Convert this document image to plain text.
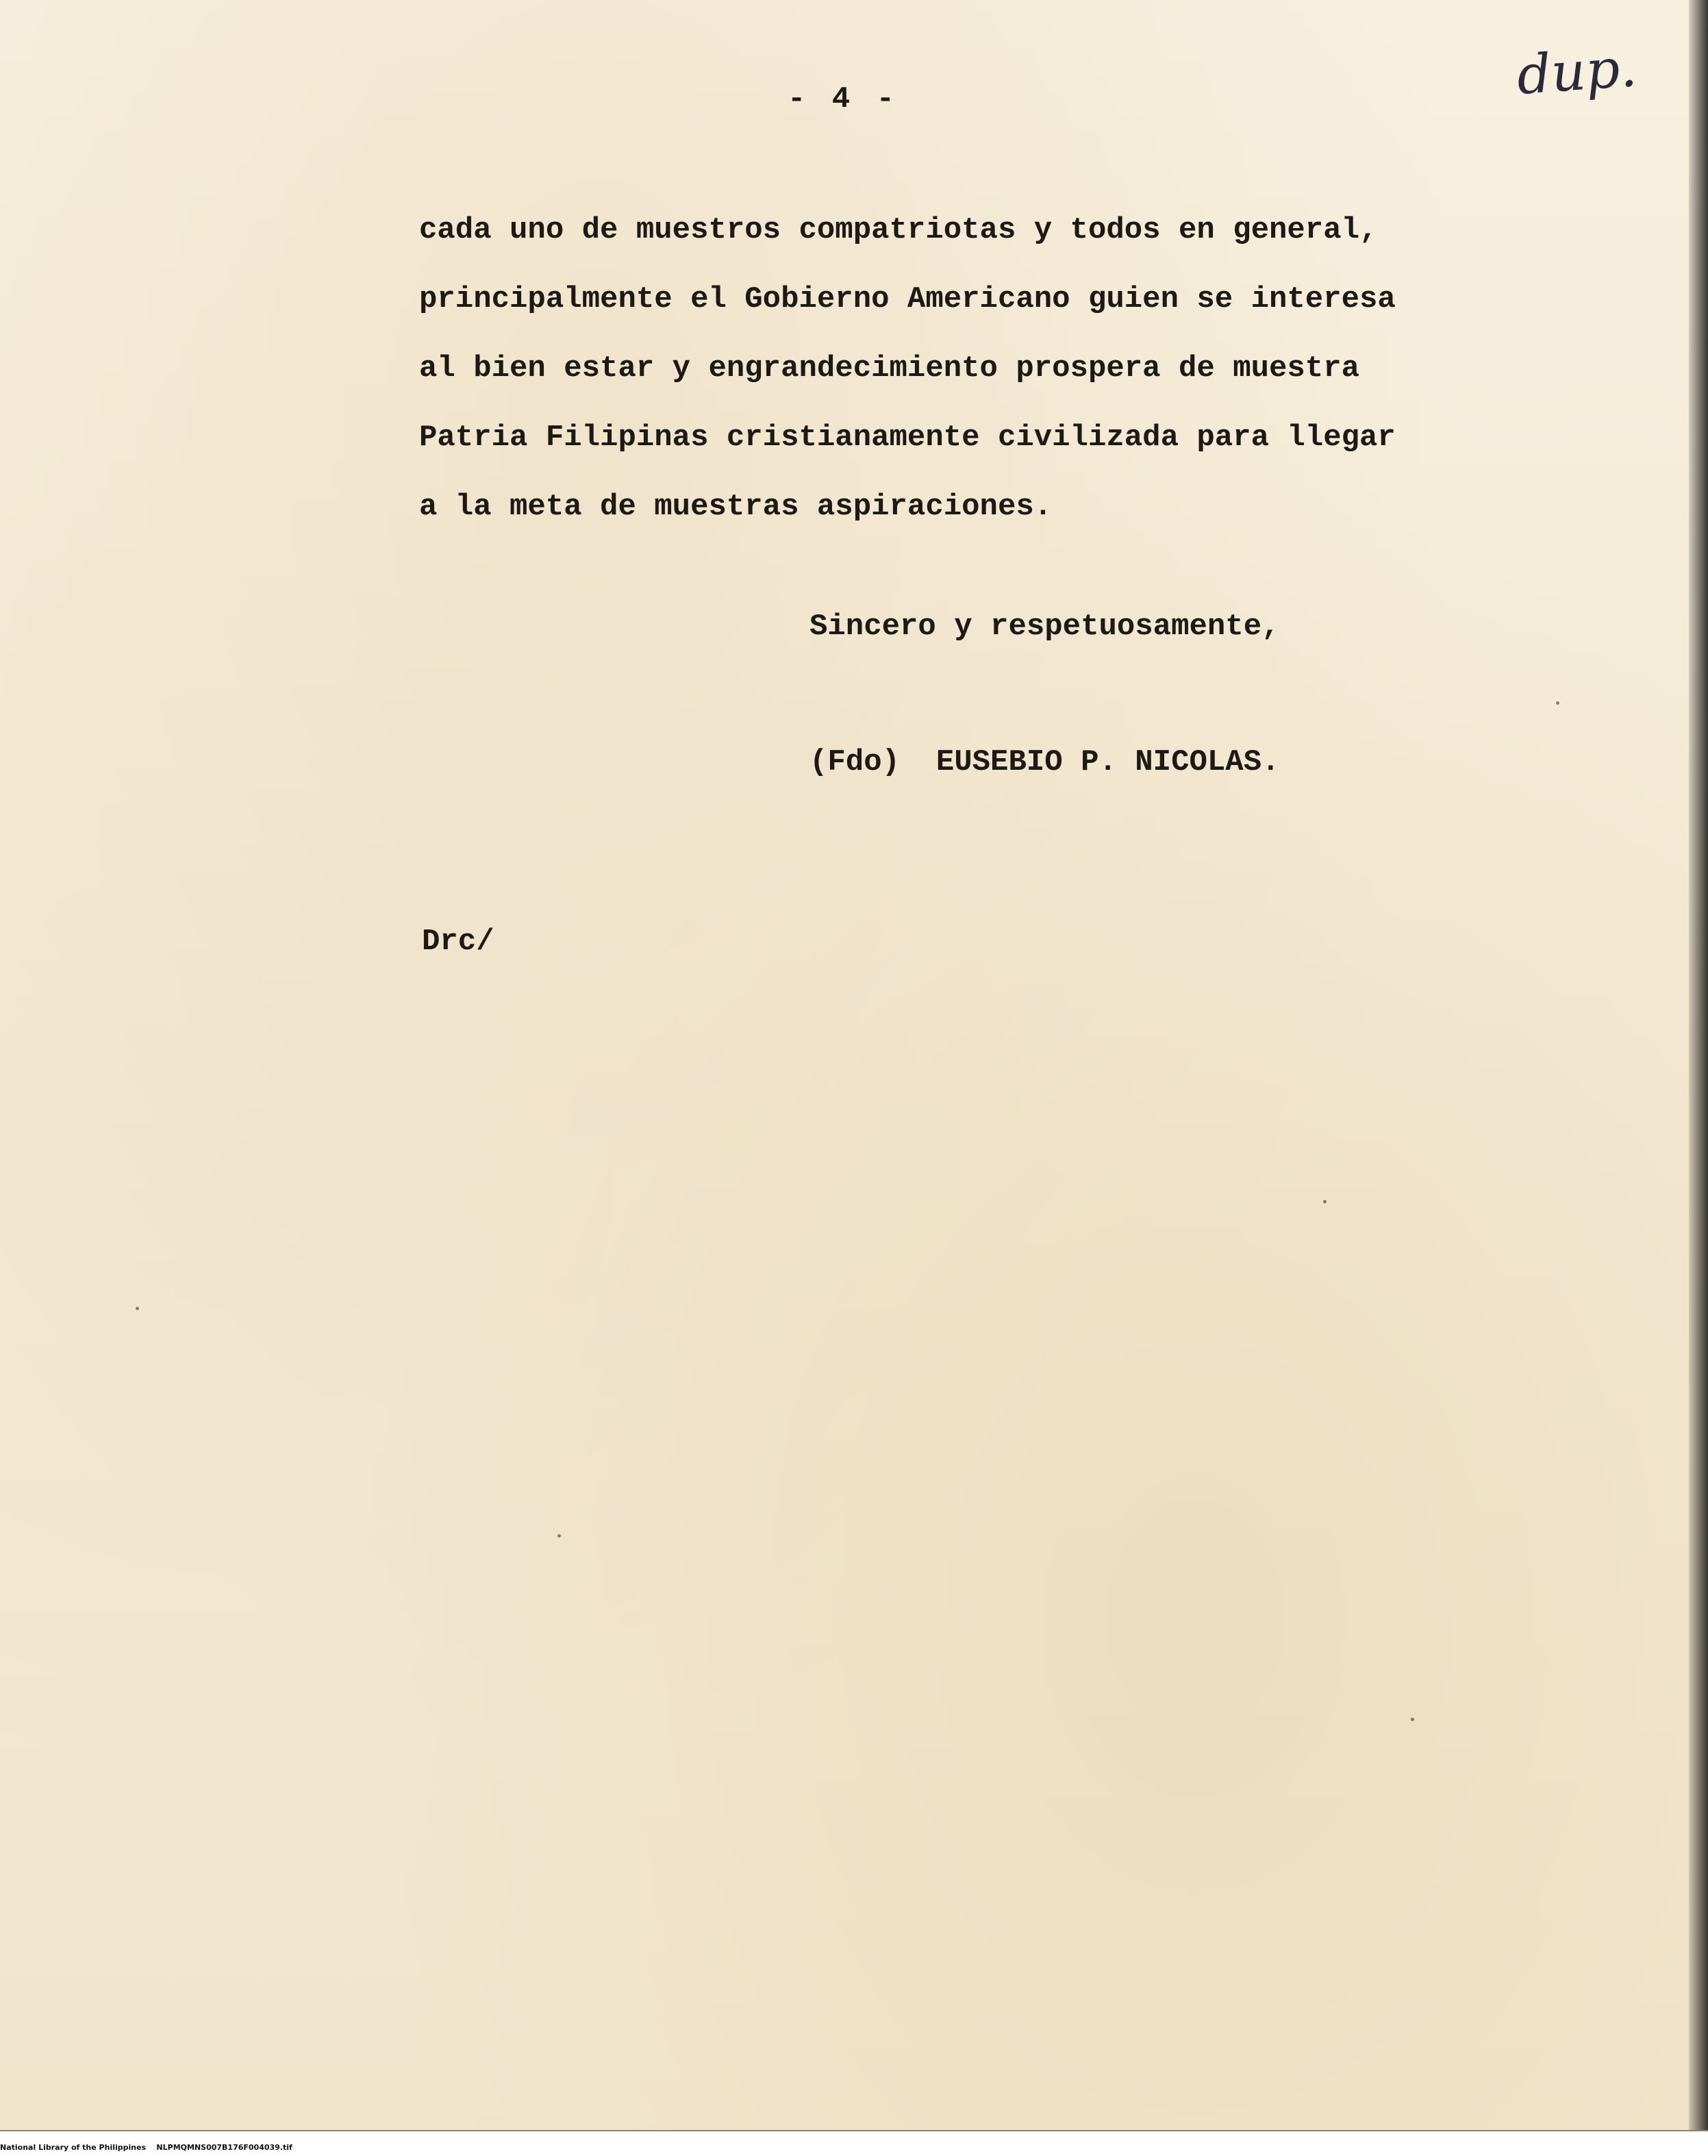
- 4 -	dup.
cada uno de muestros compatriotas y todos en general,
principalmente el Gobierno Americano guien se interesa
al bien estar y engrandecimiento prospera de muestra
Patria Filipinas cristianamente civilizada para llegar
a la meta de muestras aspiraciones.
Sincero y respetuosamente,
(Fdo)  EUSEBIO P. NICOLAS.
Drc/
National Library of the Philippines    NLPMQMNS007B176F004039.tif
